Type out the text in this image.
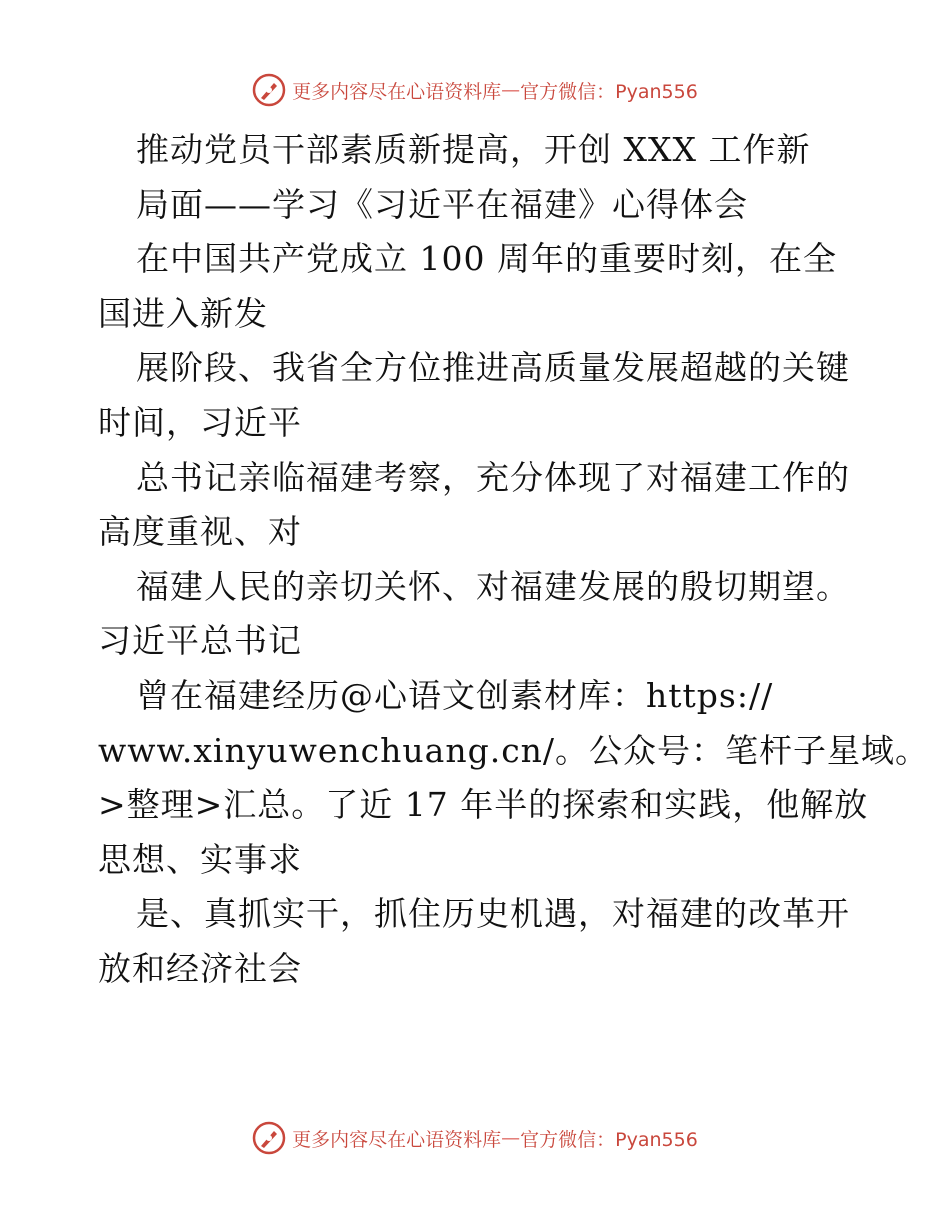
更多内容尽在心语资料库 — 官方微信：Pyan556
推动党员干部素质新提高，开创 XXX 工作新
局面——学习《习近平在福建》心得体会
在中国共产党成立 100 周年的重要时刻，在全
国进入新发
展阶段、我省全方位推进高质量发展超越的关键
时间，习近平
总书记亲临福建考察，充分体现了对福建工作的
高度重视、对
福建人民的亲切关怀、对福建发展的殷切期望。
习近平总书记
曾在福建经历@心语文创素材库：https://
www.xinyuwenchuang.cn/。公众号：笔杆子星域。
>整理>汇总。了近 17 年半的探索和实践，他解放
思想、实事求
是、真抓实干，抓住历史机遇，对福建的改革开
放和经济社会
更多内容尽在心语资料库 — 官方微信：Pyan556
